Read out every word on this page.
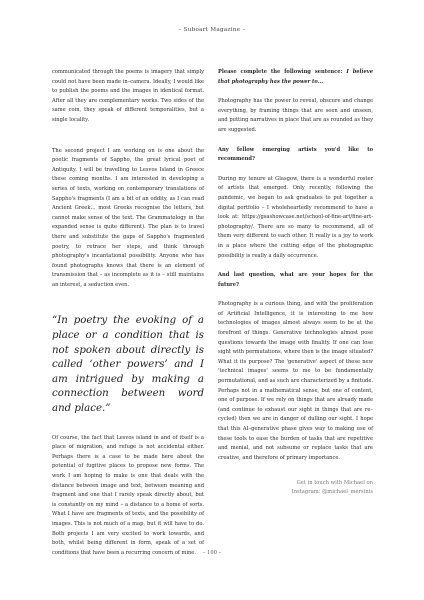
– Suboart Magazine –

communicated through the poems is imagery that simply could not have been made in–camera. Ideally, I would like to publish the poems and the images in identical format. After all they are complementary works. Two sides of the same coin, they speak of different temporalities, but a single locality.

The second project I am working on is one about the poetic fragments of Sappho, the great lyrical poet of Antiquity. I will be travelling to Lesvos Island in Greece these coming months. I am interested in developing a series of texts, working on contemporary translations of Sappho's fragments (I am a bit of an oddity, as I can read Ancient Greek… most Greeks recognise the letters, but cannot make sense of the text. The Grammatology in the expanded sense is quite different). The plan is to travel there and substitute the gaps of Sappho's fragmented poetry, to retrace her steps, and think through photography's incantational possibility. Anyone who has found photographs knows that there is an element of transmission that – as incomplete as it is – still maintains an interest, a seduction even.

“In poetry the evoking of a place or a condition that is not spoken about directly is called ‘other powers’ and I am intrigued by making a connection between word and place.”

Of course, the fact that Lesvos island in and of itself is a place of migration, and refuge is not accidental either. Perhaps there is a case to be made here about the potential of fugitive places to propose new forms. The work I am hoping to make is one that deals with the distance between image and text, between meaning and fragment and one that I rarely speak directly about, but is constantly on my mind – a distance to a home of sorts. What I have are fragments of texts, and the possibility of images. This is not much of a map, but it will have to do. Both projects I am very excited to work towards, and both, whilst being different in form, speak of a set of conditions that have been a recurring concern of mine.

Please complete the following sentence: I believe that photography has the power to…

Photography has the power to reveal, obscure and change everything, by framing things that are seen and unseen, and putting narratives in place that are as rounded as they are suggested.

Any fellow emerging artists you'd like to recommend?

During my tenure at Glasgow, there is a wonderful roster of artists that emerged. Only recently, following the pandemic, we began to ask graduates to put together a digital portfolio – I wholeheartedly recommend to have a look at: https://gsashowcase.net/school-of-fine-art/fine-art-photography/. There are so many to recommend, all of them very different to each other. It really is a joy to work in a place where the cutting edge of the photographic possibility is really a daily occurrence.

And last question, what are your hopes for the future?

Photography is a curious thing, and with the proliferation of Artificial Intelligence, it is interesting to me how technologies of images almost always seem to be at the forefront of things. Generative technologies almost pose questions towards the image with finality. If one can lose sight with permutations, where then is the image situated? What it its purpose? The 'generative' aspect of these new 'technical images' seems to me to be fundamentally permutational, and as such are characterized by a finitude. Perhaps not in a mathematical sense, but one of content, one of purpose. If we rely on things that are already made (and continue to exhaust our sight in things that are re–cycled) then we are in danger of dulling our sight. I hope that this AI–generative phase gives way to making use of these tools to ease the burden of tasks that are repetitive and menial, and not subsume or replace tasks that are creative, and therefore of primary importance.

Get in touch with Michael on
Instagram: @michael_mersinis
– 100 –
